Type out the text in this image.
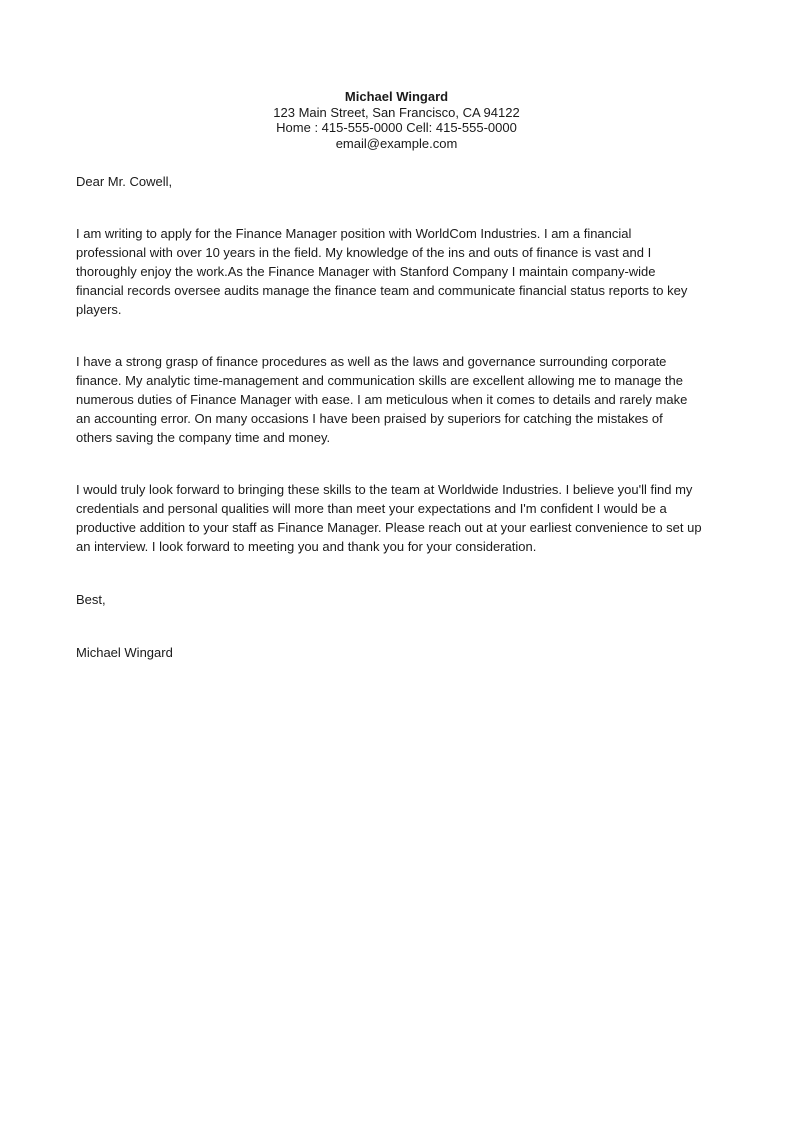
Michael Wingard
123 Main Street, San Francisco, CA 94122
Home : 415-555-0000 Cell: 415-555-0000
email@example.com
Dear Mr. Cowell,
I am writing to apply for the Finance Manager position with WorldCom Industries. I am a financial
professional with over 10 years in the field. My knowledge of the ins and outs of finance is vast and I
thoroughly enjoy the work.As the Finance Manager with Stanford Company I maintain company-wide
financial records oversee audits manage the finance team and communicate financial status reports to key
players.
I have a strong grasp of finance procedures as well as the laws and governance surrounding corporate
finance. My analytic time-management and communication skills are excellent allowing me to manage the
numerous duties of Finance Manager with ease. I am meticulous when it comes to details and rarely make
an accounting error. On many occasions I have been praised by superiors for catching the mistakes of
others saving the company time and money.
I would truly look forward to bringing these skills to the team at Worldwide Industries. I believe you'll find my
credentials and personal qualities will more than meet your expectations and I'm confident I would be a
productive addition to your staff as Finance Manager. Please reach out at your earliest convenience to set up
an interview. I look forward to meeting you and thank you for your consideration.
Best,
Michael Wingard
